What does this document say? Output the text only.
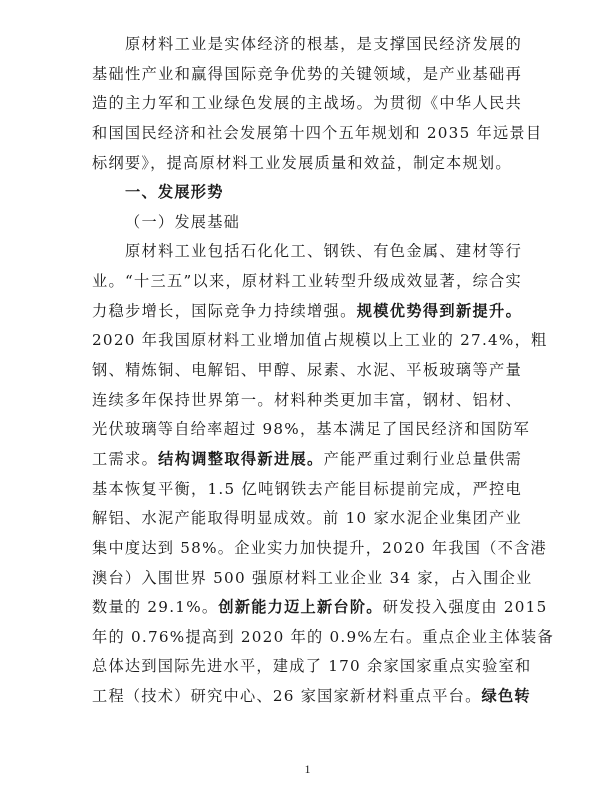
原材料工业是实体经济的根基，是支撑国民经济发展的
基础性产业和赢得国际竞争优势的关键领域，是产业基础再
造的主力军和工业绿色发展的主战场。为贯彻《中华人民共
和国国民经济和社会发展第十四个五年规划和 2035 年远景目
标纲要》，提高原材料工业发展质量和效益，制定本规划。
一、发展形势
（一）发展基础
原材料工业包括石化化工、钢铁、有色金属、建材等行
业。“十三五”以来，原材料工业转型升级成效显著，综合实
力稳步增长，国际竞争力持续增强。规模优势得到新提升。
2020 年我国原材料工业增加值占规模以上工业的 27.4%，粗
钢、精炼铜、电解铝、甲醇、尿素、水泥、平板玻璃等产量
连续多年保持世界第一。材料种类更加丰富，钢材、铝材、
光伏玻璃等自给率超过 98%，基本满足了国民经济和国防军
工需求。结构调整取得新进展。产能严重过剩行业总量供需
基本恢复平衡，1.5 亿吨钢铁去产能目标提前完成，严控电
解铝、水泥产能取得明显成效。前 10 家水泥企业集团产业
集中度达到 58%。企业实力加快提升，2020 年我国（不含港
澳台）入围世界 500 强原材料工业企业 34 家，占入围企业
数量的 29.1%。创新能力迈上新台阶。研发投入强度由 2015
年的 0.76%提高到 2020 年的 0.9%左右。重点企业主体装备
总体达到国际先进水平，建成了 170 余家国家重点实验室和
工程（技术）研究中心、26 家国家新材料重点平台。绿色转
1
